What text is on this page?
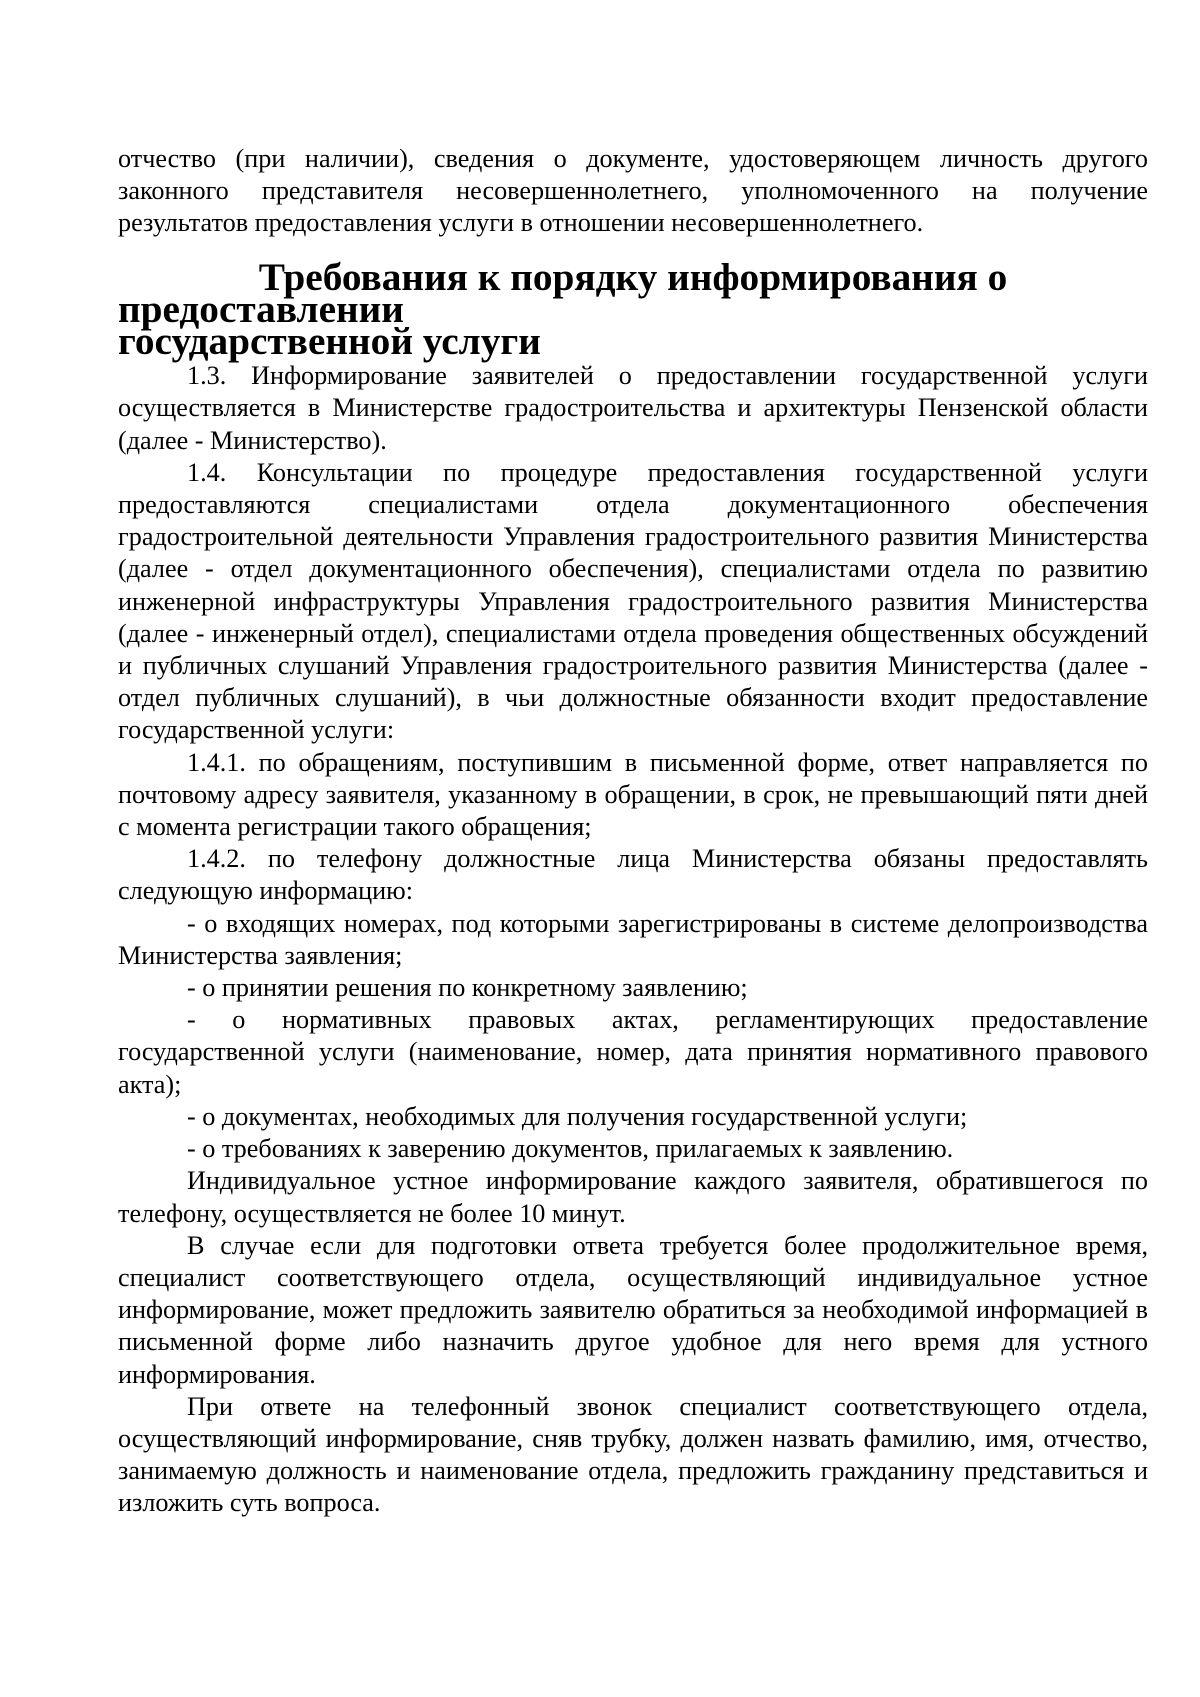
отчество (при наличии), сведения о документе, удостоверяющем личность другого законного представителя несовершеннолетнего, уполномоченного на получение результатов предоставления услуги в отношении несовершеннолетнего.

Требования к порядку информирования о предоставлении
государственной услуги

1.3. Информирование заявителей о предоставлении государственной услуги осуществляется в Министерстве градостроительства и архитектуры Пензенской области (далее - Министерство).

1.4. Консультации по процедуре предоставления государственной услуги предоставляются специалистами отдела документационного обеспечения градостроительной деятельности Управления градостроительного развития Министерства (далее - отдел документационного обеспечения), специалистами отдела по развитию инженерной инфраструктуры Управления градостроительного развития Министерства (далее - инженерный отдел), специалистами отдела проведения общественных обсуждений и публичных слушаний Управления градостроительного развития Министерства (далее - отдел публичных слушаний), в чьи должностные обязанности входит предоставление государственной услуги:

1.4.1. по обращениям, поступившим в письменной форме, ответ направляется по почтовому адресу заявителя, указанному в обращении, в срок, не превышающий пяти дней с момента регистрации такого обращения;

1.4.2. по телефону должностные лица Министерства обязаны предоставлять следующую информацию:

- о входящих номерах, под которыми зарегистрированы в системе делопроизводства Министерства заявления;

- о принятии решения по конкретному заявлению;

- о нормативных правовых актах, регламентирующих предоставление государственной услуги (наименование, номер, дата принятия нормативного правового акта);

- о документах, необходимых для получения государственной услуги;

- о требованиях к заверению документов, прилагаемых к заявлению.

Индивидуальное устное информирование каждого заявителя, обратившегося по телефону, осуществляется не более 10 минут.

В случае если для подготовки ответа требуется более продолжительное время, специалист соответствующего отдела, осуществляющий индивидуальное устное информирование, может предложить заявителю обратиться за необходимой информацией в письменной форме либо назначить другое удобное для него время для устного информирования.

При ответе на телефонный звонок специалист соответствующего отдела, осуществляющий информирование, сняв трубку, должен назвать фамилию, имя, отчество, занимаемую должность и наименование отдела, предложить гражданину представиться и изложить суть вопроса.
